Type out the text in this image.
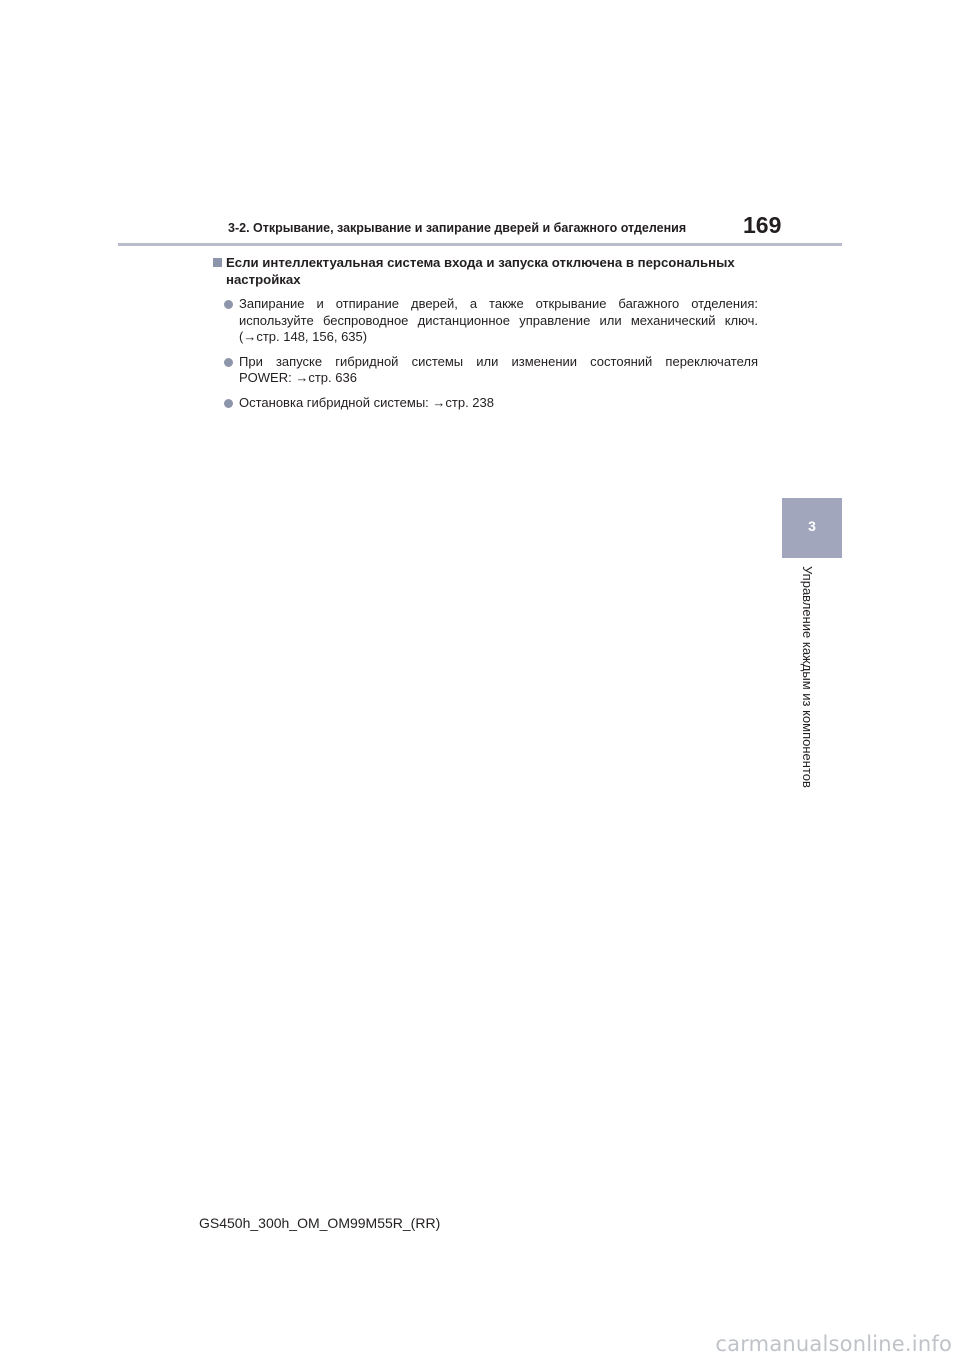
3-2. Открывание, закрывание и запирание дверей и багажного отделения 169
Если интеллектуальная система входа и запуска отключена в персональных настройках
Запирание и отпирание дверей, а также открывание багажного отделения:
используйте беспроводное дистанционное управление или механический ключ.
(→стр. 148, 156, 635)
При запуске гибридной системы или изменении состояний переключателя
POWER: →стр. 636
Остановка гибридной системы: →стр. 238
3
Управление каждым из компонентов
GS450h_300h_OM_OM99M55R_(RR)
carmanualsonline.info
